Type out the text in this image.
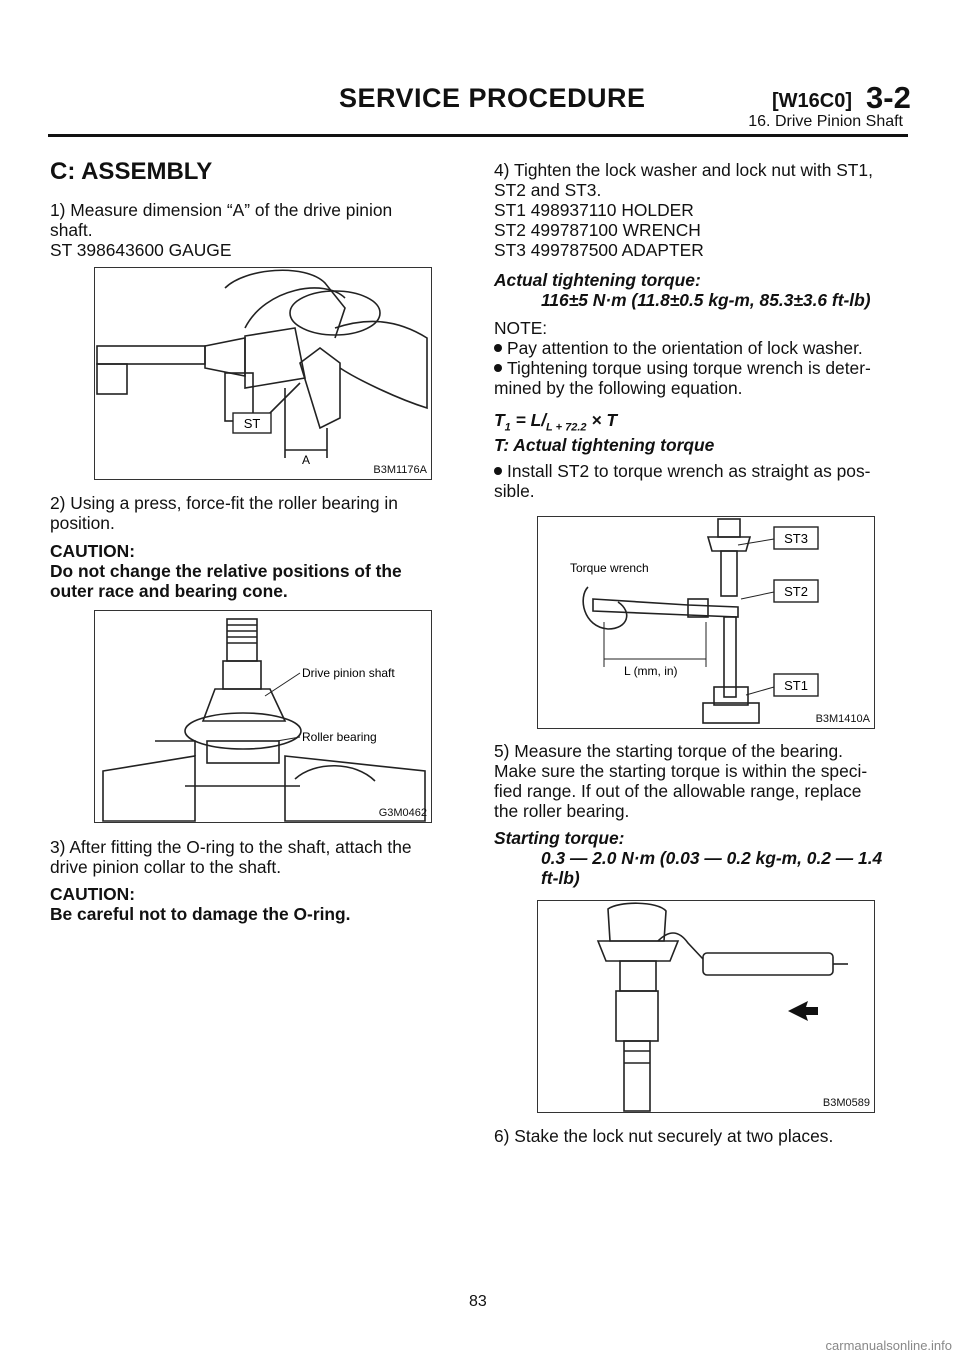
SERVICE PROCEDURE	[W16C0] 3-2
16. Drive Pinion Shaft
C: ASSEMBLY
1) Measure dimension “A” of the drive pinion
shaft.
ST 398643600 GAUGE
ST
A
B3M1176A
2) Using a press, force-fit the roller bearing in
position.
CAUTION:
Do not change the relative positions of the
outer race and bearing cone.
Drive pinion shaft
Roller bearing
G3M0462
3) After fitting the O-ring to the shaft, attach the
drive pinion collar to the shaft.
CAUTION:
Be careful not to damage the O-ring.
4) Tighten the lock washer and lock nut with ST1,
ST2 and ST3.
ST1 498937110 HOLDER
ST2 499787100 WRENCH
ST3 499787500 ADAPTER
Actual tightening torque:
116±5 N·m (11.8±0.5 kg-m, 85.3±3.6 ft-lb)
NOTE:
Pay attention to the orientation of lock washer.
Tightening torque using torque wrench is deter-
mined by the following equation.
$T_1 = L/_{L + 72.2} \times T$
T: Actual tightening torque
Install ST2 to torque wrench as straight as pos-
sible.
ST3
ST2
ST1
Torque wrench
L (mm, in)
B3M1410A
5) Measure the starting torque of the bearing.
Make sure the starting torque is within the speci-
fied range. If out of the allowable range, replace
the roller bearing.
Starting torque:
0.3 — 2.0 N·m (0.03 — 0.2 kg-m, 0.2 — 1.4
ft-lb)
B3M0589
6) Stake the lock nut securely at two places.
83
carmanualsonline.info
